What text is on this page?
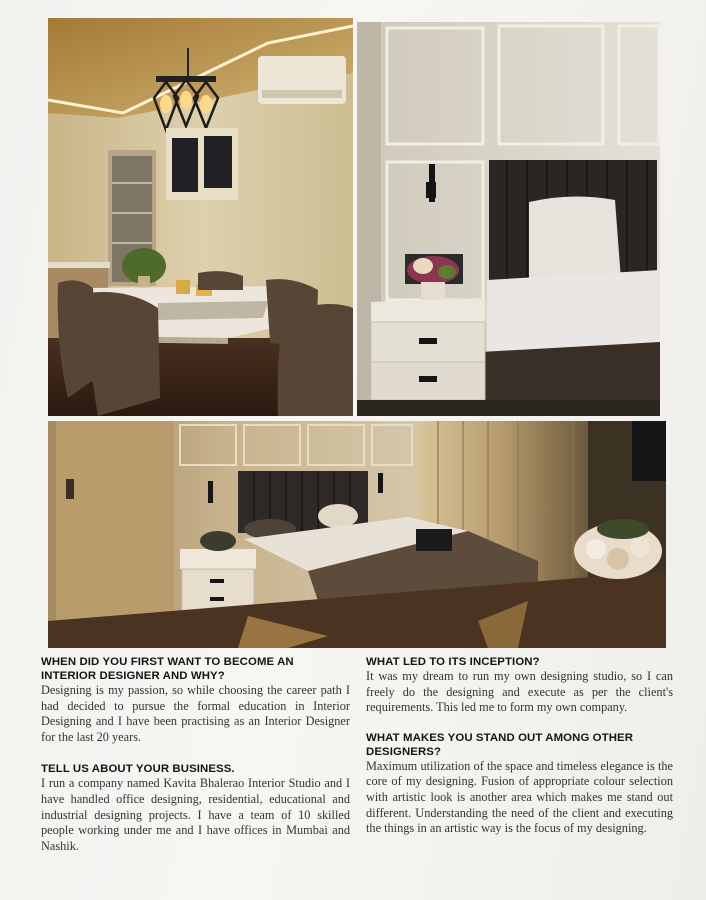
WHEN DID YOU FIRST WANT TO BECOME AN INTERIOR DESIGNER AND WHY?

Designing is my passion, so while choosing the career path I had decided to pursue the formal education in Interior Designing and I have been practising as an Interior Designer for the last 20 years.

TELL US ABOUT YOUR BUSINESS.

I run a company named Kavita Bhalerao Interior Studio and I have handled office designing, residential, educational and industrial designing projects. I have a team of 10 skilled people working under me and I have offices in Mumbai and Nashik.

WHAT LED TO ITS INCEPTION?

It was my dream to run my own designing studio, so I can freely do the designing and execute as per the client's requirements. This led me to form my own company.

WHAT MAKES YOU STAND OUT AMONG OTHER DESIGNERS?

Maximum utilization of the space and timeless elegance is the core of my designing. Fusion of appropriate colour selection with artistic look is another area which makes me stand out different. Understanding the need of the client and executing the things in an artistic way is the focus of my designing.
